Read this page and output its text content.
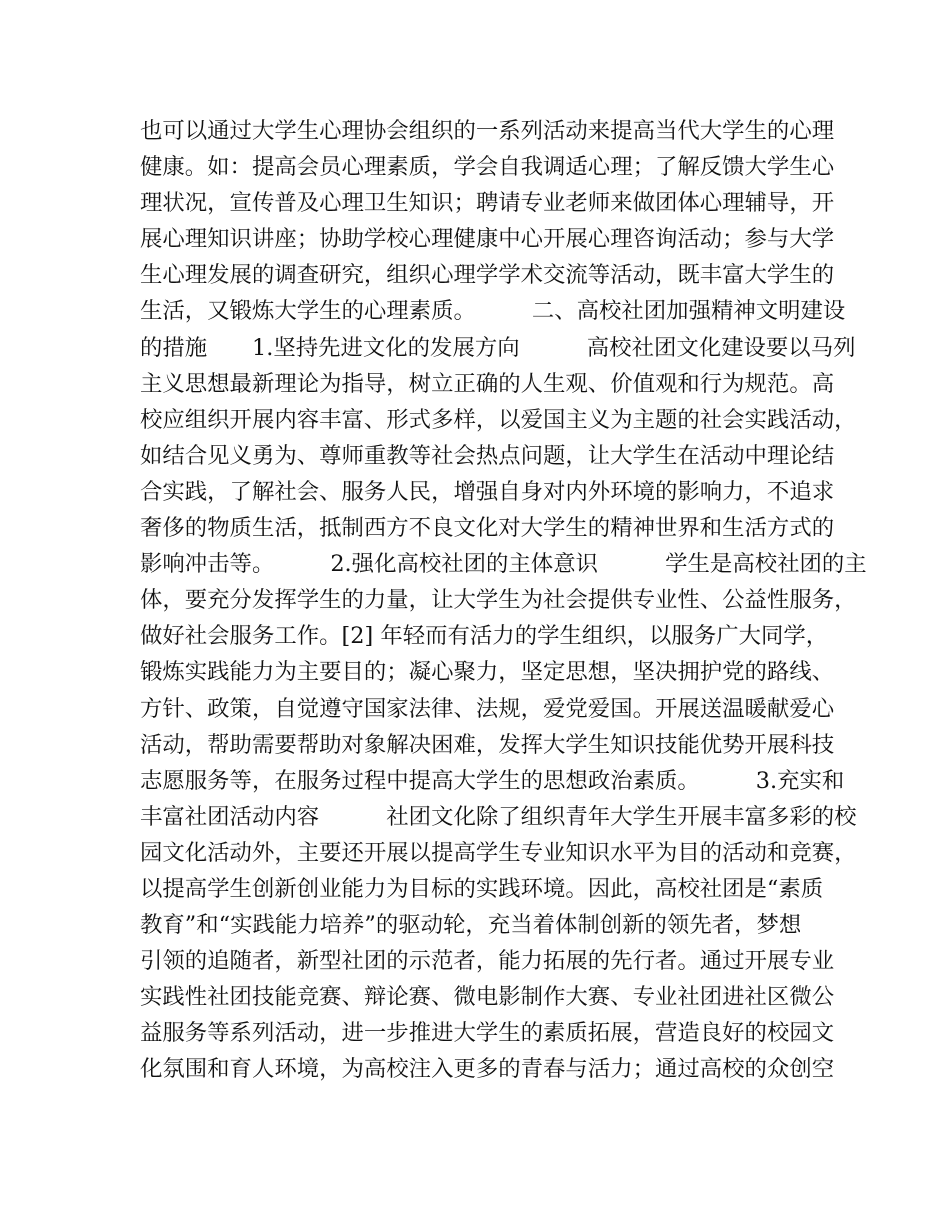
也可以通过大学生心理协会组织的一系列活动来提高当代大学生的心理
健康。如：提高会员心理素质，学会自我调适心理；了解反馈大学生心
理状况，宣传普及心理卫生知识；聘请专业老师来做团体心理辅导，开
展心理知识讲座；协助学校心理健康中心开展心理咨询活动；参与大学
生心理发展的调查研究，组织心理学学术交流等活动，既丰富大学生的
生活，又锻炼大学生的心理素质。　　　二、高校社团加强精神文明建设
的措施　　1.坚持先进文化的发展方向　　　高校社团文化建设要以马列
主义思想最新理论为指导，树立正确的人生观、价值观和行为规范。高
校应组织开展内容丰富、形式多样，以爱国主义为主题的社会实践活动，
如结合见义勇为、尊师重教等社会热点问题，让大学生在活动中理论结
合实践，了解社会、服务人民，增强自身对内外环境的影响力，不追求
奢侈的物质生活，抵制西方不良文化对大学生的精神世界和生活方式的
影响冲击等。　　　2.强化高校社团的主体意识　　　学生是高校社团的主
体，要充分发挥学生的力量，让大学生为社会提供专业性、公益性服务，
做好社会服务工作。[2] 年轻而有活力的学生组织，以服务广大同学，
锻炼实践能力为主要目的；凝心聚力，坚定思想，坚决拥护党的路线、
方针、政策，自觉遵守国家法律、法规，爱党爱国。开展送温暖献爱心
活动，帮助需要帮助对象解决困难，发挥大学生知识技能优势开展科技
志愿服务等，在服务过程中提高大学生的思想政治素质。　　　3.充实和
丰富社团活动内容　　　社团文化除了组织青年大学生开展丰富多彩的校
园文化活动外，主要还开展以提高学生专业知识水平为目的活动和竞赛，
以提高学生创新创业能力为目标的实践环境。因此，高校社团是“素质
教育”和“实践能力培养”的驱动轮，充当着体制创新的领先者，梦想
引领的追随者，新型社团的示范者，能力拓展的先行者。通过开展专业
实践性社团技能竞赛、辩论赛、微电影制作大赛、专业社团进社区微公
益服务等系列活动，进一步推进大学生的素质拓展，营造良好的校园文
化氛围和育人环境，为高校注入更多的青春与活力；通过高校的众创空
